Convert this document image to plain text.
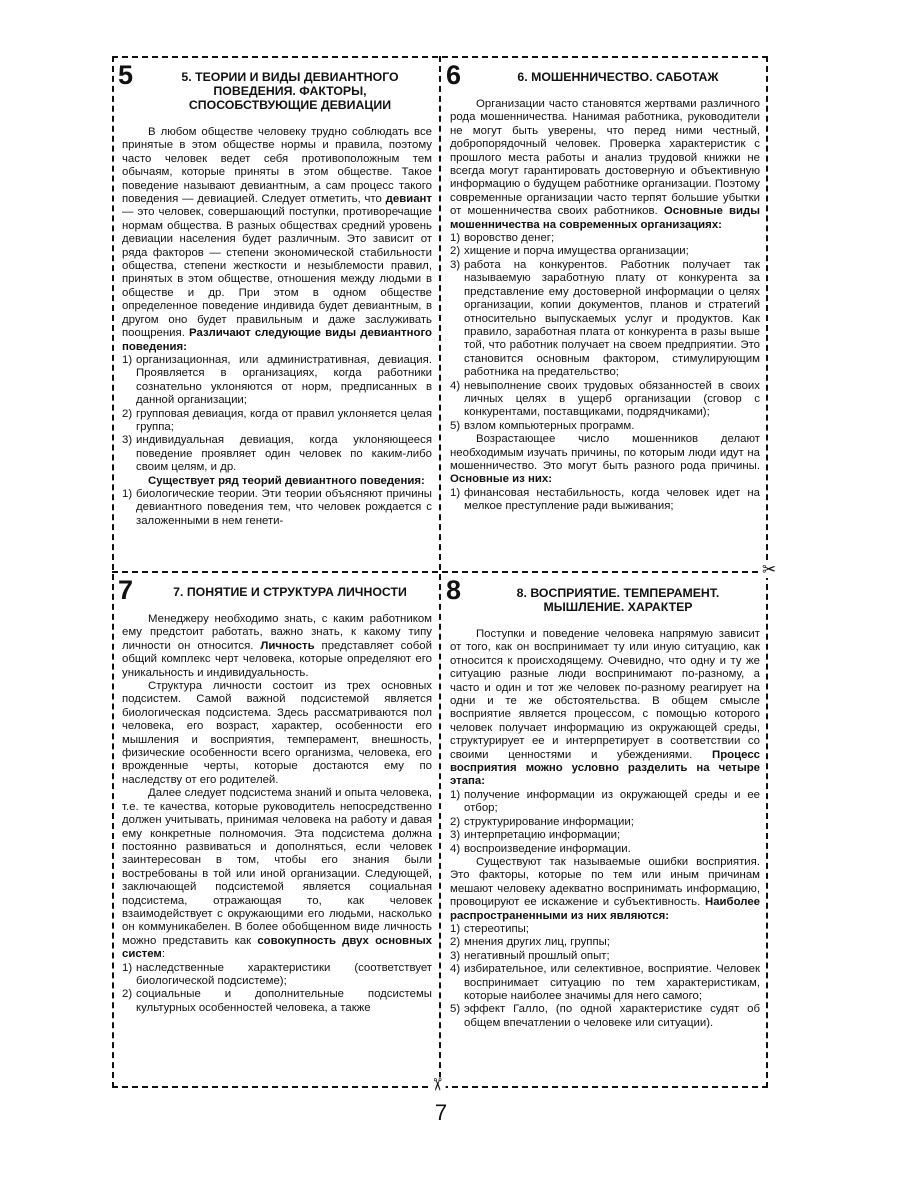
✂
✂
5	5. ТЕОРИИ И ВИДЫ ДЕВИАНТНОГО ПОВЕДЕНИЯ. ФАКТОРЫ, СПОСОБСТВУЮЩИЕ ДЕВИАЦИИ

В любом обществе человеку трудно соблюдать все принятые в этом обществе нормы и правила, поэтому часто человек ведет себя противоположным тем обычаям, которые приняты в этом обществе. Такое поведение называют девиантным, а сам процесс такого поведения — девиацией. Следует отметить, что девиант — это человек, совершающий поступки, противоречащие нормам общества. В разных обществах средний уровень девиации населения будет различным. Это зависит от ряда факторов — степени экономической стабильности общества, степени жесткости и незыблемости правил, принятых в этом обществе, отношения между людьми в обществе и др. При этом в одном обществе определенное поведение индивида будет девиантным, в другом оно будет правильным и даже заслуживать поощрения. Различают следующие виды девиантного поведения:

1) организационная, или административная, девиация. Проявляется в организациях, когда работники сознательно уклоняются от норм, предписанных в данной организации;
2) групповая девиация, когда от правил уклоняется целая группа;
3) индивидуальная девиация, когда уклоняющееся поведение проявляет один человек по каким-либо своим целям, и др.

Существует ряд теорий девиантного поведения:

1) биологические теории. Эти теории объясняют причины девиантного поведения тем, что человек рождается с заложенными в нем генети-
6	6. МОШЕННИЧЕСТВО. САБОТАЖ

Организации часто становятся жертвами различного рода мошенничества. Нанимая работника, руководители не могут быть уверены, что перед ними честный, добропорядочный человек. Проверка характеристик с прошлого места работы и анализ трудовой книжки не всегда могут гарантировать достоверную и объективную информацию о будущем работнике организации. Поэтому современные организации часто терпят большие убытки от мошенничества своих работников. Основные виды мошенничества на современных организациях:

1) воровство денег;
2) хищение и порча имущества организации;
3) работа на конкурентов. Работник получает так называемую заработную плату от конкурента за представление ему достоверной информации о целях организации, копии документов, планов и стратегий относительно выпускаемых услуг и продуктов. Как правило, заработная плата от конкурента в разы выше той, что работник получает на своем предприятии. Это становится основным фактором, стимулирующим работника на предательство;
4) невыполнение своих трудовых обязанностей в своих личных целях в ущерб организации (сговор с конкурентами, поставщиками, подрядчиками);
5) взлом компьютерных программ.

Возрастающее число мошенников делают необходимым изучать причины, по которым люди идут на мошенничество. Это могут быть разного рода причины. Основные из них:

1) финансовая нестабильность, когда человек идет на мелкое преступление ради выживания;
7	7. ПОНЯТИЕ И СТРУКТУРА ЛИЧНОСТИ

Менеджеру необходимо знать, с каким работником ему предстоит работать, важно знать, к какому типу личности он относится. Личность представляет собой общий комплекс черт человека, которые определяют его уникальность и индивидуальность.

Структура личности состоит из трех основных подсистем. Самой важной подсистемой является биологическая подсистема. Здесь рассматриваются пол человека, его возраст, характер, особенности его мышления и восприятия, темперамент, внешность, физические особенности всего организма, человека, его врожденные черты, которые достаются ему по наследству от его родителей.

Далее следует подсистема знаний и опыта человека, т.е. те качества, которые руководитель непосредственно должен учитывать, принимая человека на работу и давая ему конкретные полномочия. Эта подсистема должна постоянно развиваться и дополняться, если человек заинтересован в том, чтобы его знания были востребованы в той или иной организации. Следующей, заключающей подсистемой является социальная подсистема, отражающая то, как человек взаимодействует с окружающими его людьми, насколько он коммуникабелен. В более обобщенном виде личность можно представить как совокупность двух основных систем:

1) наследственные характеристики (соответствует биологической подсистеме);
2) социальные и дополнительные подсистемы культурных особенностей человека, а также
8	8. ВОСПРИЯТИЕ. ТЕМПЕРАМЕНТ. МЫШЛЕНИЕ. ХАРАКТЕР

Поступки и поведение человека напрямую зависит от того, как он воспринимает ту или иную ситуацию, как относится к происходящему. Очевидно, что одну и ту же ситуацию разные люди воспринимают по-разному, а часто и один и тот же человек по-разному реагирует на одни и те же обстоятельства. В общем смысле восприятие является процессом, с помощью которого человек получает информацию из окружающей среды, структурирует ее и интерпретирует в соответствии со своими ценностями и убеждениями. Процесс восприятия можно условно разделить на четыре этапа:

1) получение информации из окружающей среды и ее отбор;
2) структурирование информации;
3) интерпретацию информации;
4) воспроизведение информации.

Существуют так называемые ошибки восприятия. Это факторы, которые по тем или иным причинам мешают человеку адекватно воспринимать информацию, провоцируют ее искажение и субъективность. Наиболее распространенными из них являются:

1) стереотипы;
2) мнения других лиц, группы;
3) негативный прошлый опыт;
4) избирательное, или селективное, восприятие. Человек воспринимает ситуацию по тем характеристикам, которые наиболее значимы для него самого;
5) эффект Галло, (по одной характеристике судят об общем впечатлении о человеке или ситуации).
7
